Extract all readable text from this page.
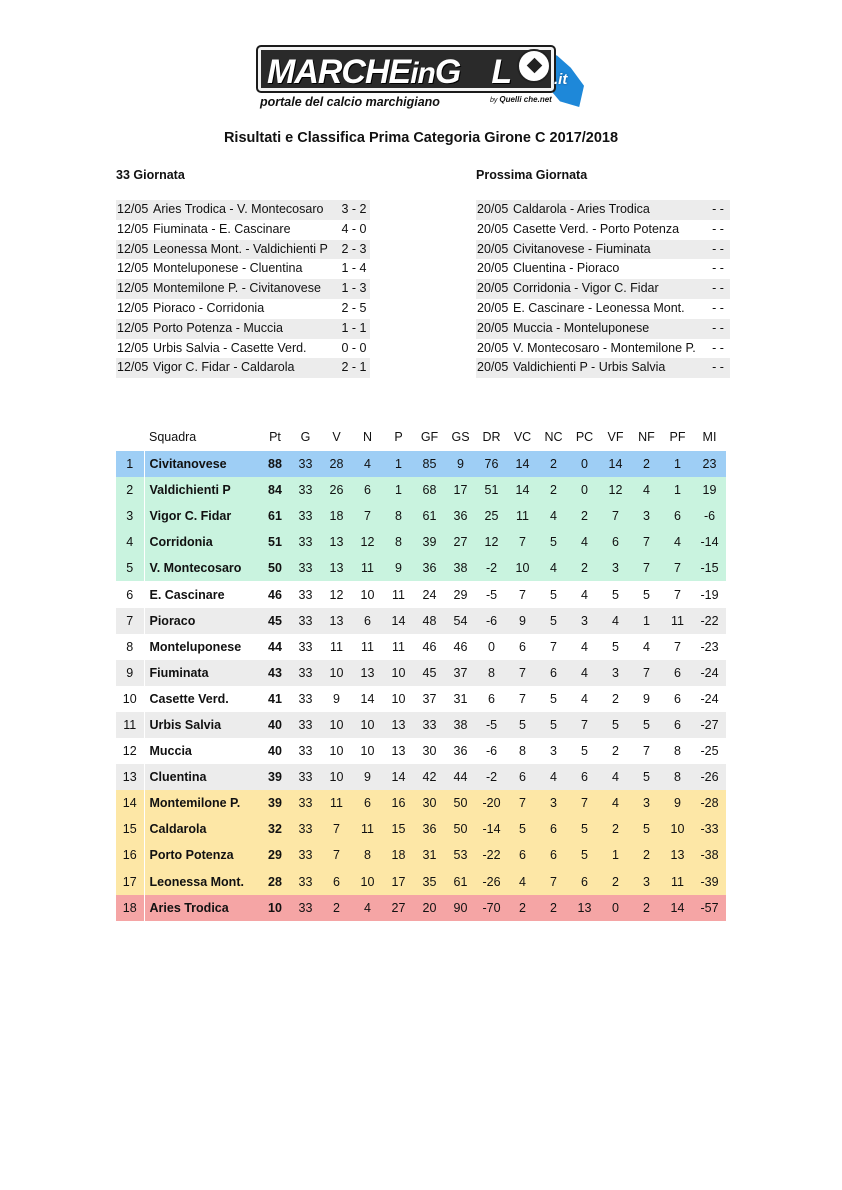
MARCHEinG L	.it
portale del calcio marchigiano	by Quelli che.net
Risultati e Classifica Prima Categoria Girone C 2017/2018
33 Giornata	Prossima Giornata
12/05 Aries Trodica - V. Montecosaro	3 - 2
12/05 Fiuminata - E. Cascinare	4 - 0
12/05 Leonessa Mont. - Valdichienti P	2 - 3
12/05 Monteluponese - Cluentina	1 - 4
12/05 Montemilone P. - Civitanovese	1 - 3
12/05 Pioraco - Corridonia	2 - 5
12/05 Porto Potenza - Muccia	1 - 1
12/05 Urbis Salvia - Casette Verd.	0 - 0
12/05 Vigor C. Fidar - Caldarola	2 - 1
20/05 Caldarola - Aries Trodica	- -
20/05 Casette Verd. - Porto Potenza	- -
20/05 Civitanovese - Fiuminata	- -
20/05 Cluentina - Pioraco	- -
20/05 Corridonia - Vigor C. Fidar	- -
20/05 E. Cascinare - Leonessa Mont.	- -
20/05 Muccia - Monteluponese	- -
20/05 V. Montecosaro - Montemilone P.	- -
20/05 Valdichienti P - Urbis Salvia	- -
	Squadra	Pt	G	V	N	P	GF	GS	DR	VC	NC	PC	VF	NF	PF	MI
1	Civitanovese	88	33	28	4	1	85	9	76	14	2	0	14	2	1	23
2	Valdichienti P	84	33	26	6	1	68	17	51	14	2	0	12	4	1	19
3	Vigor C. Fidar	61	33	18	7	8	61	36	25	11	4	2	7	3	6	-6
4	Corridonia	51	33	13	12	8	39	27	12	7	5	4	6	7	4	-14
5	V. Montecosaro	50	33	13	11	9	36	38	-2	10	4	2	3	7	7	-15
6	E. Cascinare	46	33	12	10	11	24	29	-5	7	5	4	5	5	7	-19
7	Pioraco	45	33	13	6	14	48	54	-6	9	5	3	4	1	11	-22
8	Monteluponese	44	33	11	11	11	46	46	0	6	7	4	5	4	7	-23
9	Fiuminata	43	33	10	13	10	45	37	8	7	6	4	3	7	6	-24
10	Casette Verd.	41	33	9	14	10	37	31	6	7	5	4	2	9	6	-24
11	Urbis Salvia	40	33	10	10	13	33	38	-5	5	5	7	5	5	6	-27
12	Muccia	40	33	10	10	13	30	36	-6	8	3	5	2	7	8	-25
13	Cluentina	39	33	10	9	14	42	44	-2	6	4	6	4	5	8	-26
14	Montemilone P.	39	33	11	6	16	30	50	-20	7	3	7	4	3	9	-28
15	Caldarola	32	33	7	11	15	36	50	-14	5	6	5	2	5	10	-33
16	Porto Potenza	29	33	7	8	18	31	53	-22	6	6	5	1	2	13	-38
17	Leonessa Mont.	28	33	6	10	17	35	61	-26	4	7	6	2	3	11	-39
18	Aries Trodica	10	33	2	4	27	20	90	-70	2	2	13	0	2	14	-57
